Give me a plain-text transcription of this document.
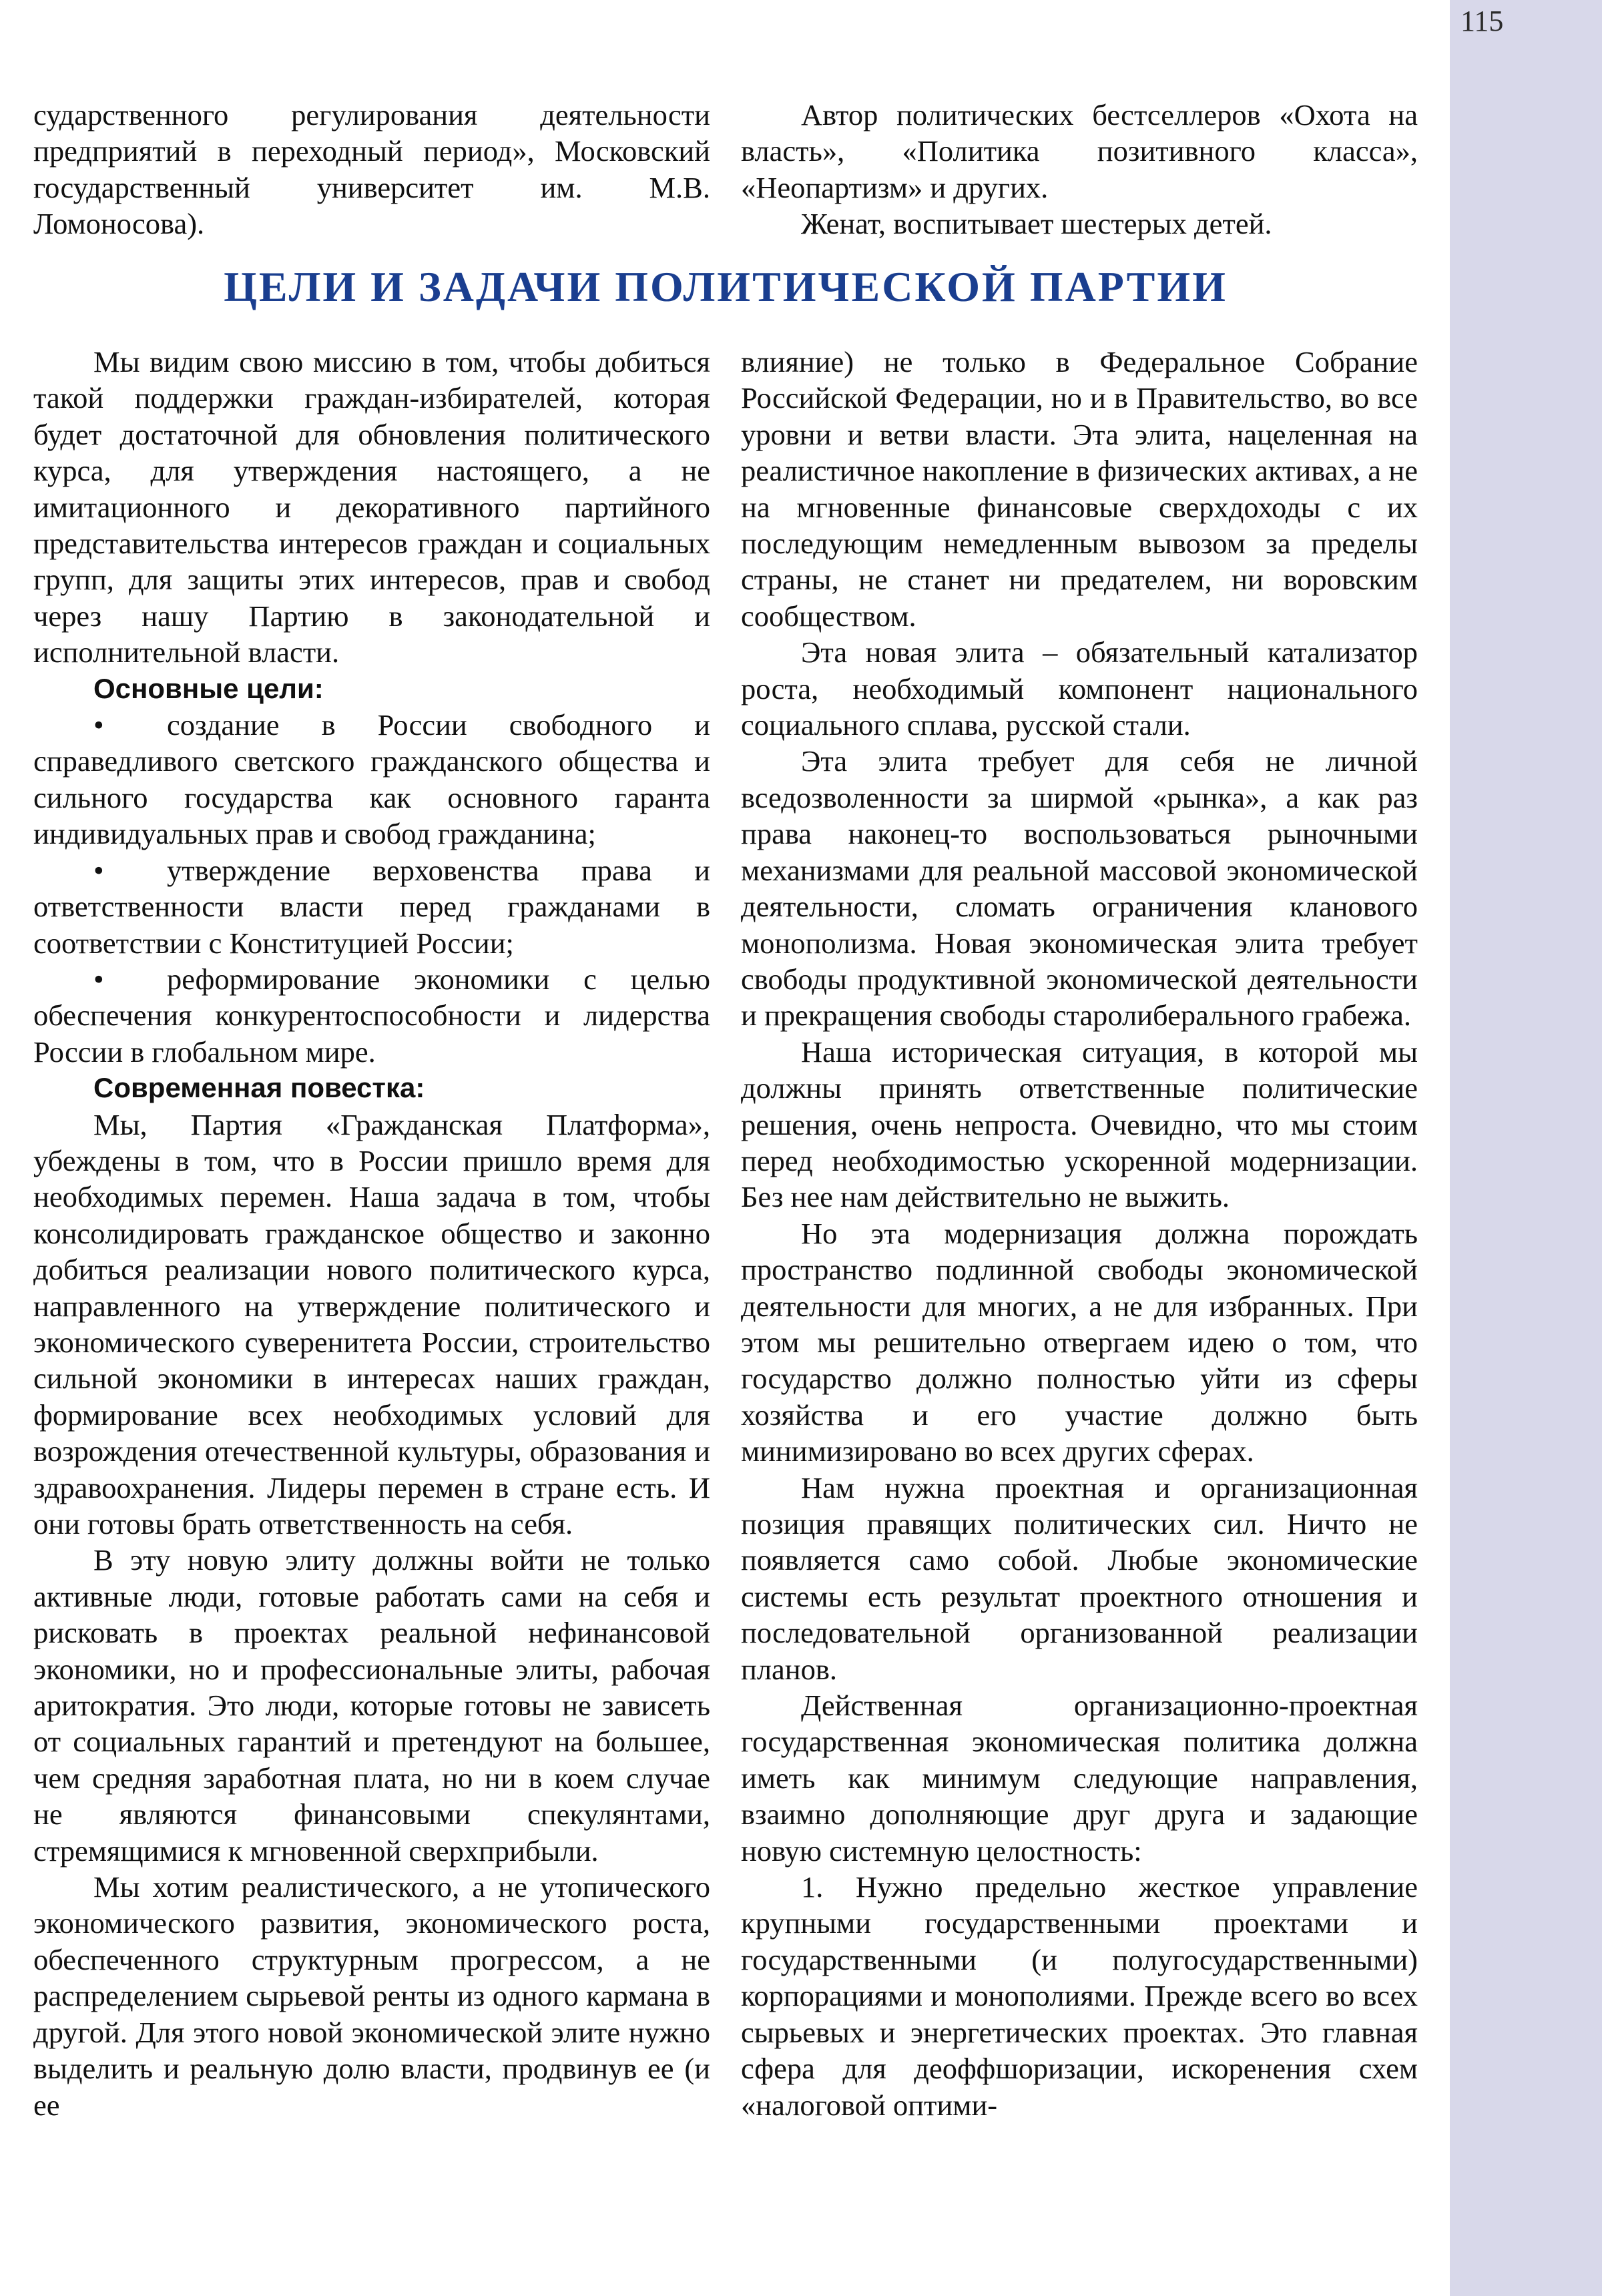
115

сударственного регулирования деятельности предприятий в переходный период», Московский государственный университет им. М.В. Ломоносова).

Автор политических бестселлеров «Охота на власть», «Политика позитивного класса», «Неопартизм» и других.

Женат, воспитывает шестерых детей.

ЦЕЛИ И ЗАДАЧИ ПОЛИТИЧЕСКОЙ ПАРТИИ

Мы видим свою миссию в том, чтобы добиться такой поддержки граждан-избирателей, которая будет достаточной для обновления политического курса, для утверждения настоящего, а не имитационного и декоративного партийного представительства интересов граждан и социальных групп, для защиты этих интересов, прав и свобод через нашу Партию в законодательной и исполнительной власти.

Основные цели:

• создание в России свободного и справедливого светского гражданского общества и сильного государства как основного гаранта индивидуальных прав и свобод гражданина;

• утверждение верховенства права и ответственности власти перед гражданами в соответствии с Конституцией России;

• реформирование экономики с целью обеспечения конкурентоспособности и лидерства России в глобальном мире.

Современная повестка:

Мы, Партия «Гражданская Платформа», убеждены в том, что в России пришло время для необходимых перемен. Наша задача в том, чтобы консолидировать гражданское общество и законно добиться реализации нового политического курса, направленного на утверждение политического и экономического суверенитета России, строительство сильной экономики в интересах наших граждан, формирование всех необходимых условий для возрождения отечественной культуры, образования и здравоохранения. Лидеры перемен в стране есть. И они готовы брать ответственность на себя.

В эту новую элиту должны войти не только активные люди, готовые работать сами на себя и рисковать в проектах реальной нефинансовой экономики, но и профессиональные элиты, рабочая аритократия. Это люди, которые готовы не зависеть от социальных гарантий и претендуют на большее, чем средняя заработная плата, но ни в коем случае не являются финансовыми спекулянтами, стремящимися к мгновенной сверхприбыли.

Мы хотим реалистического, а не утопического экономического развития, экономического роста, обеспеченного структурным прогрессом, а не распределением сырьевой ренты из одного кармана в другой. Для этого новой экономической элите нужно выделить и реальную долю власти, продвинув ее (и ее

влияние) не только в Федеральное Собрание Российской Федерации, но и в Правительство, во все уровни и ветви власти. Эта элита, нацеленная на реалистичное накопление в физических активах, а не на мгновенные финансовые сверхдоходы с их последующим немедленным вывозом за пределы страны, не станет ни предателем, ни воровским сообществом.

Эта новая элита – обязательный катализатор роста, необходимый компонент национального социального сплава, русской стали.

Эта элита требует для себя не личной вседозволенности за ширмой «рынка», а как раз права наконец-то воспользоваться рыночными механизмами для реальной массовой экономической деятельности, сломать ограничения кланового монополизма. Новая экономическая элита требует свободы продуктивной экономической деятельности и прекращения свободы старолиберального грабежа.

Наша историческая ситуация, в которой мы должны принять ответственные политические решения, очень непроста. Очевидно, что мы стоим перед необходимостью ускоренной модернизации. Без нее нам действительно не выжить.

Но эта модернизация должна порождать пространство подлинной свободы экономической деятельности для многих, а не для избранных. При этом мы решительно отвергаем идею о том, что государство должно полностью уйти из сферы хозяйства и его участие должно быть минимизировано во всех других сферах.

Нам нужна проектная и организационная позиция правящих политических сил. Ничто не появляется само собой. Любые экономические системы есть результат проектного отношения и последовательной организованной реализации планов.

Действенная организационно-проектная государственная экономическая политика должна иметь как минимум следующие направления, взаимно дополняющие друг друга и задающие новую системную целостность:

1. Нужно предельно жесткое управление крупными государственными проектами и государственными (и полугосударственными) корпорациями и монополиями. Прежде всего во всех сырьевых и энергетических проектах. Это главная сфера для деоффшоризации, искоренения схем «налоговой оптими-
